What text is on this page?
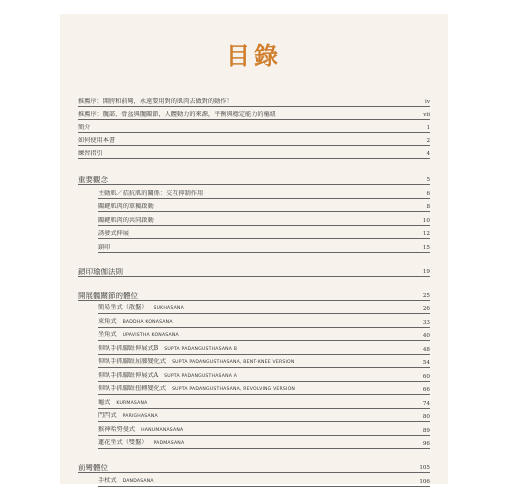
目錄
推薦序：開胯和前彎，永遠要用對的肌肉去做對的動作！	iv
推薦序：髖部、骨盆與髖關節，人體動力的來源，平衡與穩定能力的樞紐	vii
簡介	1
如何使用本書	2
練習指引	4
重要觀念	5
主動肌／拮抗肌的關係：交互抑制作用	6
關鍵肌肉的單獨啟動	8
關鍵肌肉的共同啟動	10
誘發式伸展	12
鎖印	15
鎖印瑜伽法則	19
開展髖關節的體位	25
簡易坐式（散盤） SUKHASANA	26
束角式 BADDHA KONASANA	33
坐角式 UPAVISTHA KONASANA	40
仰臥手抓腳趾伸展式B SUPTA PADANGUSTHASANA B	48
仰臥手抓腳趾屈膝變化式 SUPTA PADANGUSTHASANA, BENT-KNEE VERSION	54
仰臥手抓腳趾伸展式A SUPTA PADANGUSTHASANA A	60
仰臥手抓腳趾扭轉變化式 SUPTA PADANGUSTHASANA, REVOLVING VERSION	66
龜式 KURMASANA	74
門閂式 PARIGHASANA	80
猴神哈努曼式 HANUMANASANA	89
蓮花坐式（雙盤） PADMASANA	96
前彎體位	105
手杖式 DANDASANA	106
